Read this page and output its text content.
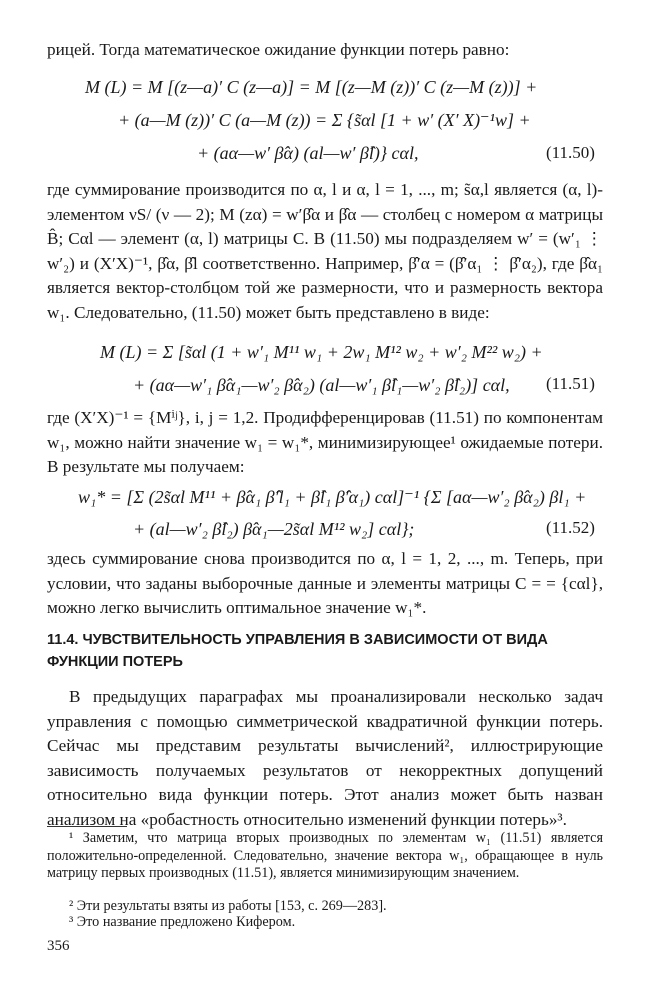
рицей. Тогда математическое ожидание функции потерь равно:

M (L) = M [(z—a)′ C (z—a)] = M [(z—M (z))′ C (z—M (z))] +

+ (a—M (z))′ C (a—M (z)) = Σ {s̃αl [1 + w′ (X′ X)⁻¹w] +

+ (aα—w′ β̂α) (al—w′ β̂l)} cαl,	(11.50)

где суммирование производится по α, l и α, l = 1, ..., m; s̃α,l является (α, l)-элементом νS/ (ν — 2); M (zα) = w′β̂α и β̂α — столбец с номером α матрицы B̂; Cαl — элемент (α, l) матрицы C. В (11.50) мы подразделяем w′ = (w′₁ ⋮ w′₂) и (X′X)⁻¹, β̂α, β̂l соответственно. Например, β̂′α = (β̂′α₁ ⋮ β̂′α₂), где β̂α₁ является вектор-столбцом той же размерности, что и размерность вектора w₁. Следовательно, (11.50) может быть представлено в виде:

M (L) = Σ [s̃αl (1 + w′₁ M¹¹ w₁ + 2w₁ M¹² w₂ + w′₂ M²² w₂) +

+ (aα—w′₁ β̂α₁—w′₂ β̂α₂) (al—w′₁ β̂l₁—w′₂ β̂l₂)] cαl, (11.51)

где (X′X)⁻¹ = {Mⁱʲ}, i, j = 1,2. Продифференцировав (11.51) по компонентам w₁, можно найти значение w₁ = w₁*, минимизирующее¹ ожидаемые потери. В результате мы получаем:

w₁* = [Σ (2s̃αl M¹¹ + β̂α₁ β̂′l₁ + β̂l₁ β̂′α₁) cαl]⁻¹ {Σ [aα—w′₂ β̂α₂) βl₁ +

+ (al—w′₂ β̂l₂) β̂α₁—2s̃αl M¹² w₂] cαl};	(11.52)

здесь суммирование снова производится по α, l = 1, 2, ..., m. Теперь, при условии, что заданы выборочные данные и элементы матрицы C = = {cαl}, можно легко вычислить оптимальное значение w₁*.

11.4. ЧУВСТВИТЕЛЬНОСТЬ УПРАВЛЕНИЯ В ЗАВИСИМОСТИ ОТ ВИДА ФУНКЦИИ ПОТЕРЬ

В предыдущих параграфах мы проанализировали несколько задач управления с помощью симметрической квадратичной функции потерь. Сейчас мы представим результаты вычислений², иллюстрирующие зависимость получаемых результатов от некорректных допущений относительно вида функции потерь. Этот анализ может быть назван анализом на «робастность относительно изменений функции потерь»³.

¹ Заметим, что матрица вторых производных по элементам w₁ (11.51) является положительно-определенной. Следовательно, значение вектора w₁, обращающее в нуль матрицу первых производных (11.51), является минимизирующим значением.

² Эти результаты взяты из работы [153, с. 269—283].

³ Это название предложено Кифером.

356
